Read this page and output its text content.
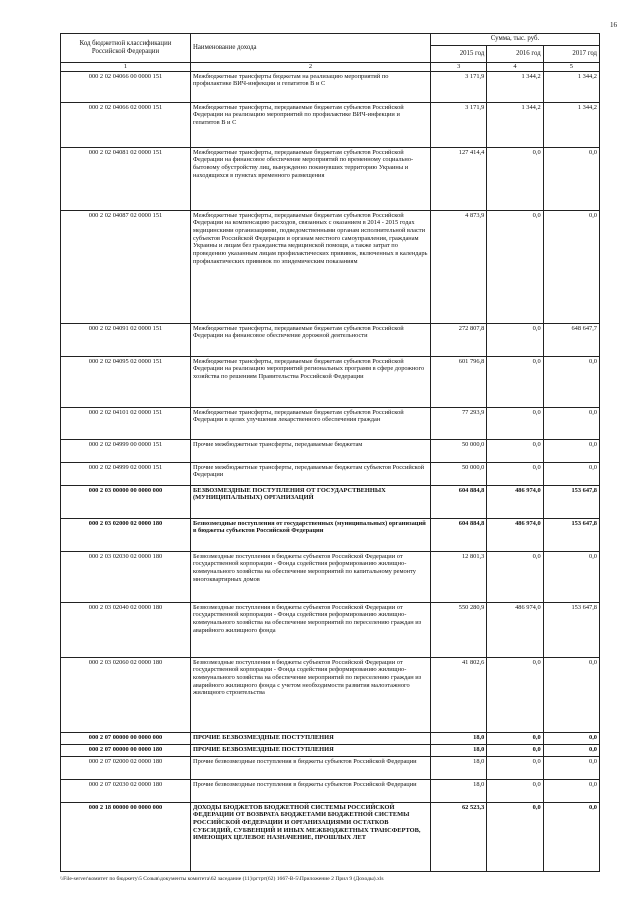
16
Код бюджетной классификации Российской Федерации	Наименование дохода	Сумма, тыс. руб.		
		2015 год	2016 год	2017 год
1	2	3	4	5
000 2 02 04066 00 0000 151	Межбюджетные трансферты бюджетам на реализацию мероприятий по профилактике ВИЧ-инфекции и гепатитов В и С	3 171,9	1 344,2	1 344,2
000 2 02 04066 02 0000 151	Межбюджетные трансферты, передаваемые бюджетам субъектов Российской Федерации на реализацию мероприятий по профилактике ВИЧ-инфекции и гепатитов В и С	3 171,9	1 344,2	1 344,2
000 2 02 04081 02 0000 151	Межбюджетные трансферты, передаваемые бюджетам субъектов Российской Федерации на финансовое обеспечение мероприятий по временному социально-бытовому обустройству лиц, вынужденно покинувших территорию Украины и находящихся в пунктах временного размещения	127 414,4	0,0	0,0
000 2 02 04087 02 0000 151	Межбюджетные трансферты, передаваемые бюджетам субъектов Российской Федерации на компенсацию расходов, связанных с оказанием в 2014 - 2015 годах медицинскими организациями, подведомственными органам исполнительной власти субъектов Российской Федерации и органам местного самоуправления, гражданам Украины и лицам без гражданства медицинской помощи, а также затрат по проведению указанным лицам профилактических прививок, включенных в календарь профилактических прививок по эпидемическим показаниям	4 873,9	0,0	0,0
000 2 02 04091 02 0000 151	Межбюджетные трансферты, передаваемые бюджетам субъектов Российской Федерации на финансовое обеспечение дорожной деятельности	272 807,8	0,0	648 647,7
000 2 02 04095 02 0000 151	Межбюджетные трансферты, передаваемые бюджетам субъектов Российской Федерации на реализацию мероприятий региональных программ в сфере дорожного хозяйства по решениям Правительства Российской Федерации	601 796,8	0,0	0,0
000 2 02 04101 02 0000 151	Межбюджетные трансферты, передаваемые бюджетам субъектов Российской Федерации в целях улучшения лекарственного обеспечения граждан	77 293,9	0,0	0,0
000 2 02 04999 00 0000 151	Прочие межбюджетные трансферты, передаваемые бюджетам	50 000,0	0,0	0,0
000 2 02 04999 02 0000 151	Прочие межбюджетные трансферты, передаваемые бюджетам субъектов Российской Федерации	50 000,0	0,0	0,0
000 2 03 00000 00 0000 000	БЕЗВОЗМЕЗДНЫЕ ПОСТУПЛЕНИЯ ОТ ГОСУДАРСТВЕННЫХ (МУНИЦИПАЛЬНЫХ) ОРГАНИЗАЦИЙ	604 884,8	486 974,0	153 647,8
000 2 03 02000 02 0000 180	Безвозмездные поступления от государственных (муниципальных) организаций в бюджеты субъектов Российской Федерации	604 884,8	486 974,0	153 647,8
000 2 03 02030 02 0000 180	Безвозмездные поступления в бюджеты субъектов Российской Федерации от государственной корпорации - Фонда содействия реформированию жилищно-коммунального хозяйства на обеспечение мероприятий по капитальному ремонту многоквартирных домов	12 801,3	0,0	0,0
000 2 03 02040 02 0000 180	Безвозмездные поступления в бюджеты субъектов Российской Федерации от государственной корпорации - Фонда содействия реформированию жилищно-коммунального хозяйства на обеспечение мероприятий по переселению граждан из аварийного жилищного фонда	550 280,9	486 974,0	153 647,8
000 2 03 02060 02 0000 180	Безвозмездные поступления в бюджеты субъектов Российской Федерации от государственной корпорации - Фонда содействия реформированию жилищно-коммунального хозяйства на обеспечение мероприятий по переселению граждан из аварийного жилищного фонда с учетом необходимости развития малоэтажного жилищного строительства	41 802,6	0,0	0,0
000 2 07 00000 00 0000 000	ПРОЧИЕ БЕЗВОЗМЕЗДНЫЕ ПОСТУПЛЕНИЯ	18,0	0,0	0,0
000 2 07 00000 00 0000 180	ПРОЧИЕ БЕЗВОЗМЕЗДНЫЕ ПОСТУПЛЕНИЯ	18,0	0,0	0,0
000 2 07 02000 02 0000 180	Прочие безвозмездные поступления в бюджеты субъектов Российской Федерации	18,0	0,0	0,0
000 2 07 02030 02 0000 180	Прочие безвозмездные поступления в бюджеты субъектов Российской Федерации	18,0	0,0	0,0
000 2 18 00000 00 0000 000	ДОХОДЫ БЮДЖЕТОВ БЮДЖЕТНОЙ СИСТЕМЫ РОССИЙСКОЙ ФЕДЕРАЦИИ ОТ ВОЗВРАТА БЮДЖЕТАМИ БЮДЖЕТНОЙ СИСТЕМЫ РОССИЙСКОЙ ФЕДЕРАЦИИ И ОРГАНИЗАЦИЯМИ ОСТАТКОВ СУБСИДИЙ, СУБВЕНЦИЙ И ИНЫХ МЕЖБЮДЖЕТНЫХ ТРАНСФЕРТОВ, ИМЕЮЩИХ ЦЕЛЕВОЕ НАЗНАЧЕНИЕ, ПРОШЛЫХ ЛЕТ	62 523,3	0,0	0,0
\\File-server\комитет по бюджету\5 Созыв\документы комитета\62 заседание (11)\ргтрт(62) 1667-В-5\Приложение 2 Прил 9 (Доходы).xls
